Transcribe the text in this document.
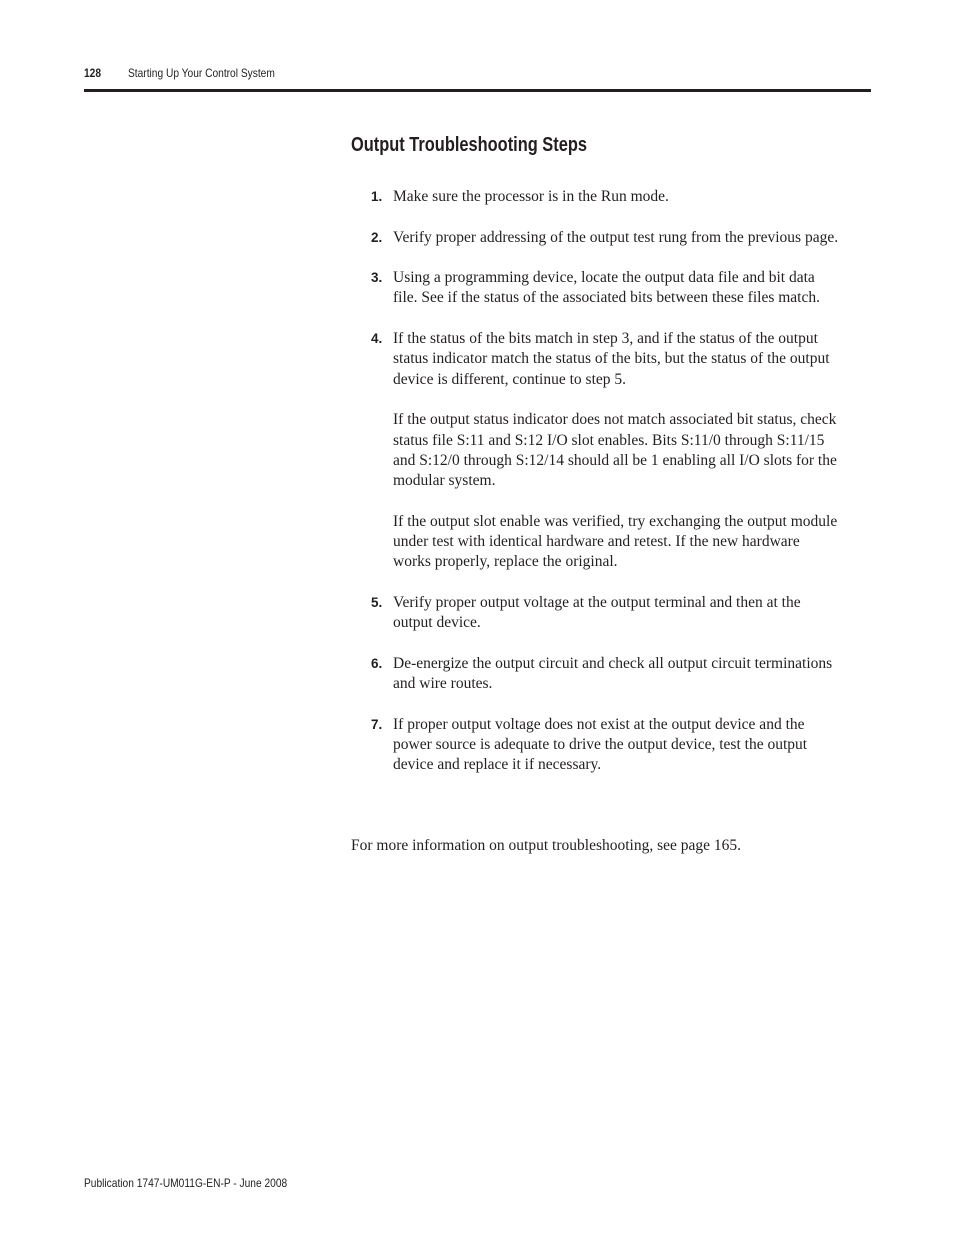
128 Starting Up Your Control System
Output Troubleshooting Steps
1. Make sure the processor is in the Run mode.

2. Verify proper addressing of the output test rung from the previous page.

3. Using a programming device, locate the output data file and bit data file. See if the status of the associated bits between these files match.

4. If the status of the bits match in step 3, and if the status of the output status indicator match the status of the bits, but the status of the output device is different, continue to step 5.

If the output status indicator does not match associated bit status, check status file S:11 and S:12 I/O slot enables. Bits S:11/0 through S:11/15 and S:12/0 through S:12/14 should all be 1 enabling all I/O slots for the modular system.

If the output slot enable was verified, try exchanging the output module under test with identical hardware and retest. If the new hardware works properly, replace the original.

5. Verify proper output voltage at the output terminal and then at the output device.

6. De-energize the output circuit and check all output circuit terminations and wire routes.

7. If proper output voltage does not exist at the output device and the power source is adequate to drive the output device, test the output device and replace it if necessary.

For more information on output troubleshooting, see page 165.

Publication 1747-UM011G-EN-P - June 2008
